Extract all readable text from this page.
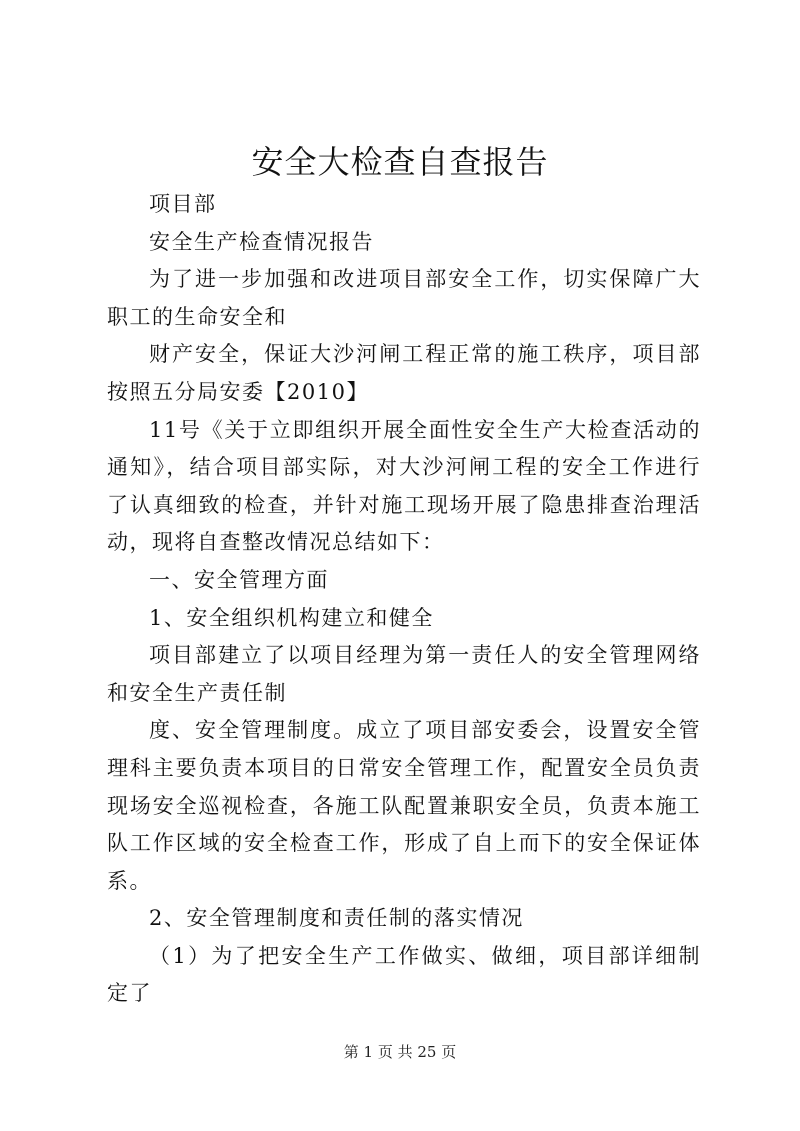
安全大检查自查报告

项目部

安全生产检查情况报告

为了进一步加强和改进项目部安全工作，切实保障广大职工的生命安全和

财产安全，保证大沙河闸工程正常的施工秩序，项目部按照五分局安委【2010】

11号《关于立即组织开展全面性安全生产大检查活动的通知》，结合项目部实际，对大沙河闸工程的安全工作进行了认真细致的检查，并针对施工现场开展了隐患排查治理活动，现将自查整改情况总结如下：

一、安全管理方面

1、安全组织机构建立和健全

项目部建立了以项目经理为第一责任人的安全管理网络和安全生产责任制

度、安全管理制度。成立了项目部安委会，设置安全管理科主要负责本项目的日常安全管理工作，配置安全员负责现场安全巡视检查，各施工队配置兼职安全员，负责本施工队工作区域的安全检查工作，形成了自上而下的安全保证体系。

2、安全管理制度和责任制的落实情况

（1）为了把安全生产工作做实、做细，项目部详细制定了

第 1 页 共 25 页
